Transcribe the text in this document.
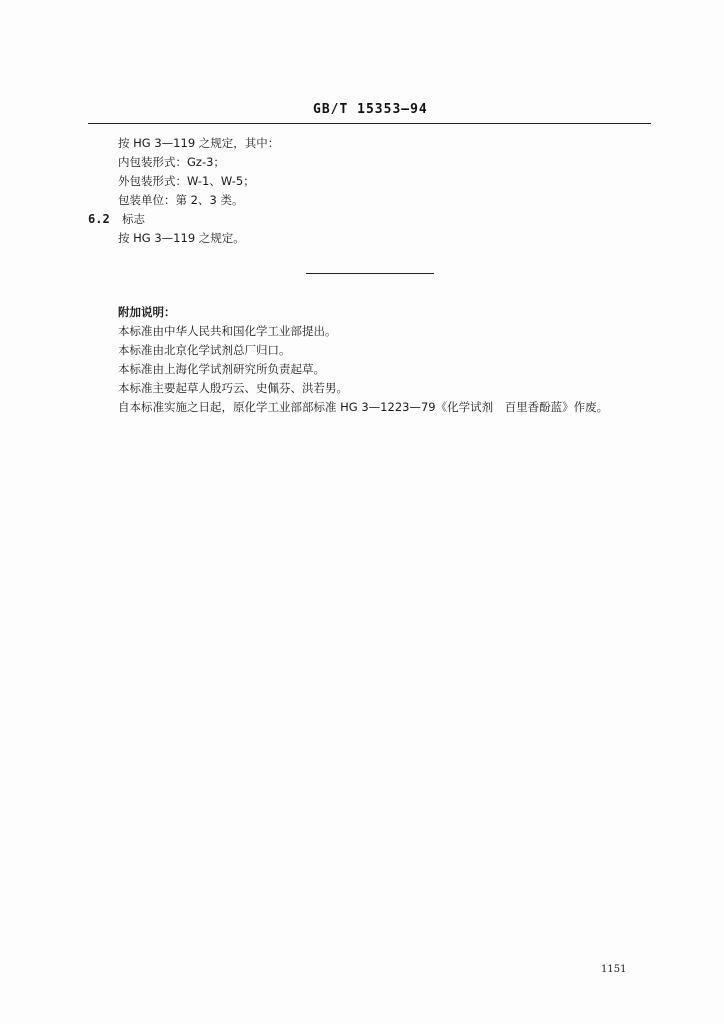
GB/T 15353—94
按 HG 3—119 之规定，其中：
内包装形式：Gz-3；
外包装形式：W-1、W-5；
包装单位：第 2、3 类。
6.2 标志
按 HG 3—119 之规定。
附加说明：
本标准由中华人民共和国化学工业部提出。
本标准由北京化学试剂总厂归口。
本标准由上海化学试剂研究所负责起草。
本标准主要起草人殷巧云、史佩芬、洪若男。
自本标准实施之日起，原化学工业部部标准 HG 3—1223—79《化学试剂　百里香酚蓝》作废。
1151
